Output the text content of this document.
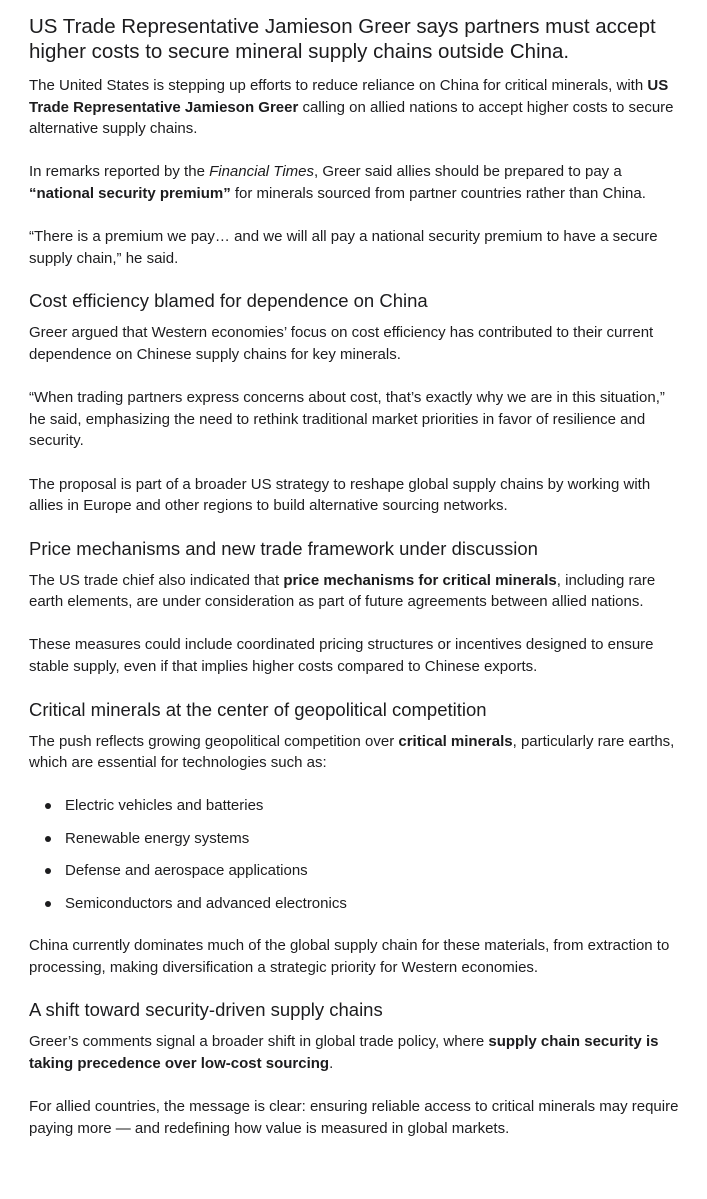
US Trade Representative Jamieson Greer says partners must accept higher costs to secure mineral supply chains outside China.

The United States is stepping up efforts to reduce reliance on China for critical minerals, with US Trade Representative Jamieson Greer calling on allied nations to accept higher costs to secure alternative supply chains.

In remarks reported by the Financial Times, Greer said allies should be prepared to pay a “national security premium” for minerals sourced from partner countries rather than China.

“There is a premium we pay… and we will all pay a national security premium to have a secure supply chain,” he said.

Cost efficiency blamed for dependence on China

Greer argued that Western economies’ focus on cost efficiency has contributed to their current dependence on Chinese supply chains for key minerals.

“When trading partners express concerns about cost, that’s exactly why we are in this situation,” he said, emphasizing the need to rethink traditional market priorities in favor of resilience and security.

The proposal is part of a broader US strategy to reshape global supply chains by working with allies in Europe and other regions to build alternative sourcing networks.

Price mechanisms and new trade framework under discussion

The US trade chief also indicated that price mechanisms for critical minerals, including rare earth elements, are under consideration as part of future agreements between allied nations.

These measures could include coordinated pricing structures or incentives designed to ensure stable supply, even if that implies higher costs compared to Chinese exports.

Critical minerals at the center of geopolitical competition

The push reflects growing geopolitical competition over critical minerals, particularly rare earths, which are essential for technologies such as:

Electric vehicles and batteries
Renewable energy systems
Defense and aerospace applications
Semiconductors and advanced electronics

China currently dominates much of the global supply chain for these materials, from extraction to processing, making diversification a strategic priority for Western economies.

A shift toward security-driven supply chains

Greer’s comments signal a broader shift in global trade policy, where supply chain security is taking precedence over low-cost sourcing.

For allied countries, the message is clear: ensuring reliable access to critical minerals may require paying more — and redefining how value is measured in global markets.
